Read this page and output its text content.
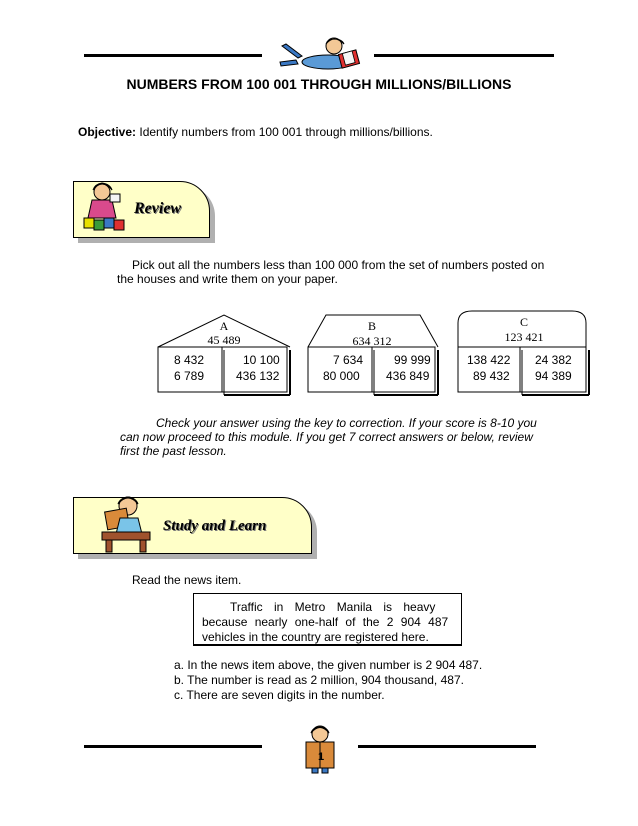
NUMBERS FROM 100 001 THROUGH MILLIONS/BILLIONS
Objective: Identify numbers from 100 001 through millions/billions.
Review
Pick out all the numbers less than 100 000 from the set of numbers posted on
the houses and write them on your paper.
A
45 489
8 432
6 789
10 100
436 132
B
634 312
7 634
80 000
99 999
436 849
C
123 421
138 422
89 432
24 382
94 389
Check your answer using the key to correction. If your score is 8-10 you
can now proceed to this module. If you get 7 correct answers or below, review
first the past lesson.
Study and Learn
Read the news item.
Traffic in Metro Manila is heavy
because nearly one-half of the 2 904 487
vehicles in the country are registered here.
a. In the news item above, the given number is 2 904 487.
b. The number is read as 2 million, 904 thousand, 487.
c. There are seven digits in the number.
1
